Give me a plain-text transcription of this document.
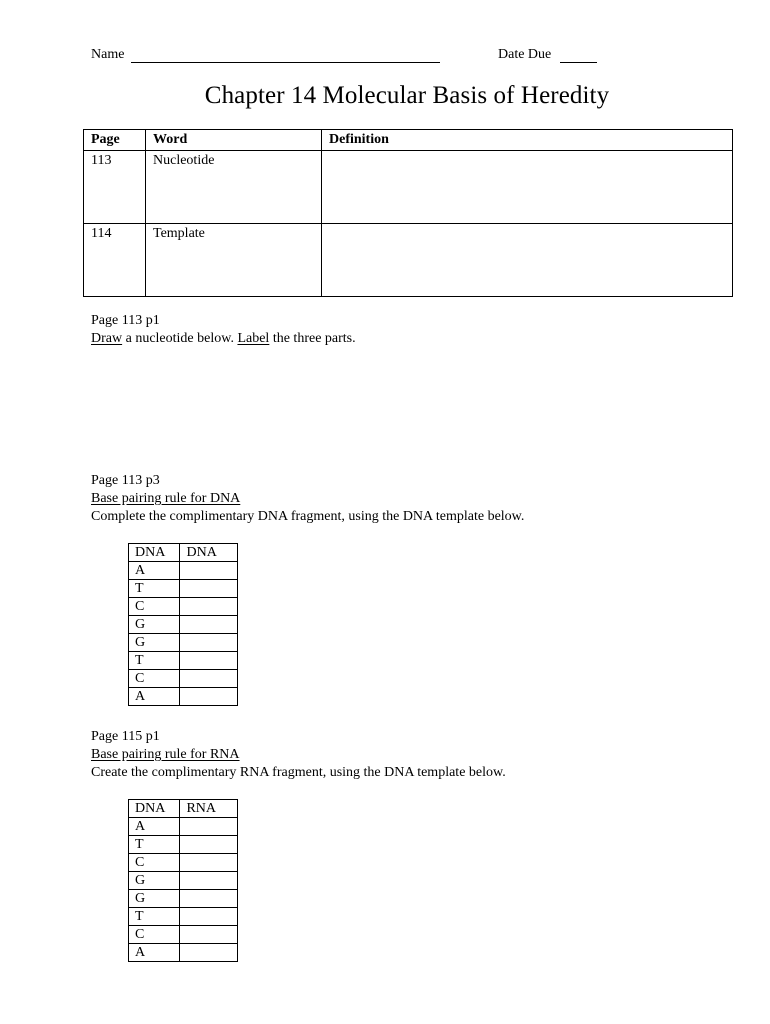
Name	Date Due
Chapter 14 Molecular Basis of Heredity
Page	Word	Definition
113	Nucleotide	
114	Template	
Page 113 p1
Draw a nucleotide below. Label the three parts.
Page 113 p3
Base pairing rule for DNA
Complete the complimentary DNA fragment, using the DNA template below.
DNA	DNA
A	
T	
C	
G	
G	
T	
C	
A	
Page 115 p1
Base pairing rule for RNA
Create the complimentary RNA fragment, using the DNA template below.
DNA	RNA
A	
T	
C	
G	
G	
T	
C	
A	
